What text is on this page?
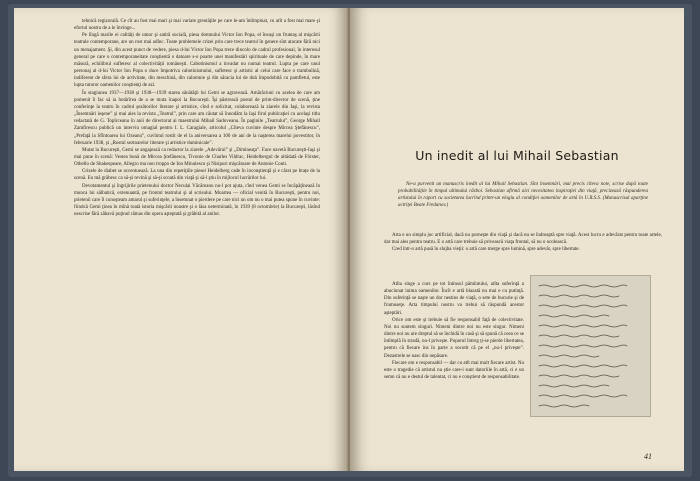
tehnică regizorală. Ce cît au fost mai mari şi mai variate greutăţile pe care le-am întîmpinat, cu atît a fost mai mare şi efortul nostru de a le învinge...

Pe lîngă marile ei calităţi de umor şi satiră socială, piesa domnului Victor Ion Popa, el însuşi un fruntaş al mişcării teatrale contemporane, are un rost mai adînc. Toate problemele crizei prin care trece teatrul în genere sînt atacate fără nici un menajament. Şi, din acest punct de vedere, piesa d-lui Victor Ion Popa trece dincolo de cadrul profesional, în interesul general pe care o contemporaneitate conştientă o datoare s-o poarte unei manifestări spirituale de care depinde, în mare măsură, echilibrul sufletesc al colectivităţii româneşti. Cabotinismul a invadat nu numai teatrul. Lupta pe care unul personaj al d-lui Victor Ion Popa o duce împotriva cabotinismului, sufletesc şi artistic al celui care face o trambulină, indiferent de sfera lui de activitate, din meschină, din calomnie şi din săracia lui de duh împodobită cu pamfletul, este lupta tuturor oamenilor conştienţi de azi.

În stagiunea 1937—1938 şi 1938—1939 starea sănătăţii lui Gemi se agravează. Amărăciuni cu acelea de care am pomenit îi fac să ia hotărîrea de a se muta înapoi la Bucureşti. Îşi păstrează postul de prim-director de scenă, ţine conferinţe la teatru în cadrul şezătorilor literare şi artistice, cînd e solicitat, colaborează la ziarele din Iaşi, la revista „Însemnări ieşene” şi mai ales la revista „Teatrul”, prin care am căutat să înnodăm la Iaşi firul publicaţiei cu acelaşi titlu redactată de G. Topîrceanu în anii de directorat ai maestrului Mihail Sadoveanu. În paginile „Teatrului”, George Mihail Zamfirescu publică un interviu omagial pentru I. L. Caragiale, articolul „Cîteva cuvinte despre Mircea Ştefănescu”, „Prefaţă la Sfîntoarea lui Ozeanu”, cuvîntul rostit de el la aniversarea a 100 de ani de la naşterea marelui povestitor, în februarie 1938, şi „Rostul seztoarelor literare şi artistice duminicale”.

Mutat la Bucureşti, Gemi se angajează ca redactor la ziarele „Adevărul” şi „Dimineaţa”. Face navetă Bucureşti-Iaşi şi mai pune în scenă: Vestea bună de Mircea Ştefănescu, Tivonie de Charles Vildrac, Heidelbergul de altădată de Förster, Othello de Shakespeare, Allegro ma non troppo de Ion Minulescu şi Nisipuri mişcătoare de Antonie Conti.

Crizele de diabet se accentuează. La una din repetiţiile piesei Heidelberg cade în inconştienţă şi e cărat pe brațe de la scenă. Eu mă grăbesc ca să-şi revină şi să-şi scoată din viaţă şi să-l ştiu în mijlocul lucrărilor lui.

Devotamentul şi îngrijirile prietenului doctor Neculai Văcăreanu nu-l pot ajuta, cînd venea Gemi se încăpăţînează în munca lui sălbatică, extenuantă, pe frontul teatrului şi al scrisului. Moartea — oficial venită în Bucureşti, pentru noi, prietenii care îl cunoşteam amarul şi suferinţele, a însemnat o pierdere pe care nici un om nu o mai putea spune în cuvinte: fiindcă Gemi ţinea în mînă toată istoria mişcării noastre şi o lăsa neterminată, în 1939 (8 octombrie) la Bucureşti, lăsînd nescrise fără zăbavă puţinul rămas din opera aşteptată şi grăbită al anilor.

Un inedit al lui Mihail Sebastian
Ne-a parvenit un manuscris inedit al lui Mihail Sebastian. Sînt însemnări, mai precis cîteva note, scrise după toate probabilităţile în timpul ultimului război. Sebastian afirmă aici necesitatea inspiraţiei din viaţă, precizează răspunderea artistului în raport cu societatea lucrînd printr-un elogiu al condiţiei oamenilor de artă în U.R.S.S. (Manuscrisul aparţine actriţei Beate Fredanov.)

Arta e un simplu joc artificial, dacă nu porneşte din viaţă şi dacă nu se îndreaptă spre viaţă. Acest lucru e adevărat pentru toate artele, dar mai ales pentru teatru. E o artă care trebuie să privească viaţa frontal, să nu o ocolească.

Cred într-o artă pusă în slujba vieţii: o artă care merge spre lumină, spre adevăr, spre libertate.

Atîta singe a curs pe tot întinsul pămîntului, atîta suferinţă a abuciunat inima oamenilor. Încît e artă blazată nu mai e cu putinţă. Din suferinţă se naşte un dor nestins de viaţă, o sete de bucurie şi de frumuseţe. Arta timpului nostru va trebui să răspundă acestor aşteptări.

Orice om este şi trebuie să fie responsabil faţă de colectivitate. Noi nu suntem singuri. Nimeni dintre noi nu este singur. Nimeni dintre noi nu are dreptul să se închidă în casă şi să spună că ceea ce se întîmplă în stradă, nu-l priveşte. Poporul întreg ţi-se pierde libertatea, pentru că fiecare ins în parte a socotit că pe el „nu-l priveşte”. Dezastrele se nasc din nepăsare.

Fiecare om e responsabil — dar cu atît mai mult fiecare artist. Nu este o tragedie că artistul nu ştie care-i sunt datoriile în artă, ci e un semn că nu e destul de talentat, ci nu e conştient de responsabilitate.

41
